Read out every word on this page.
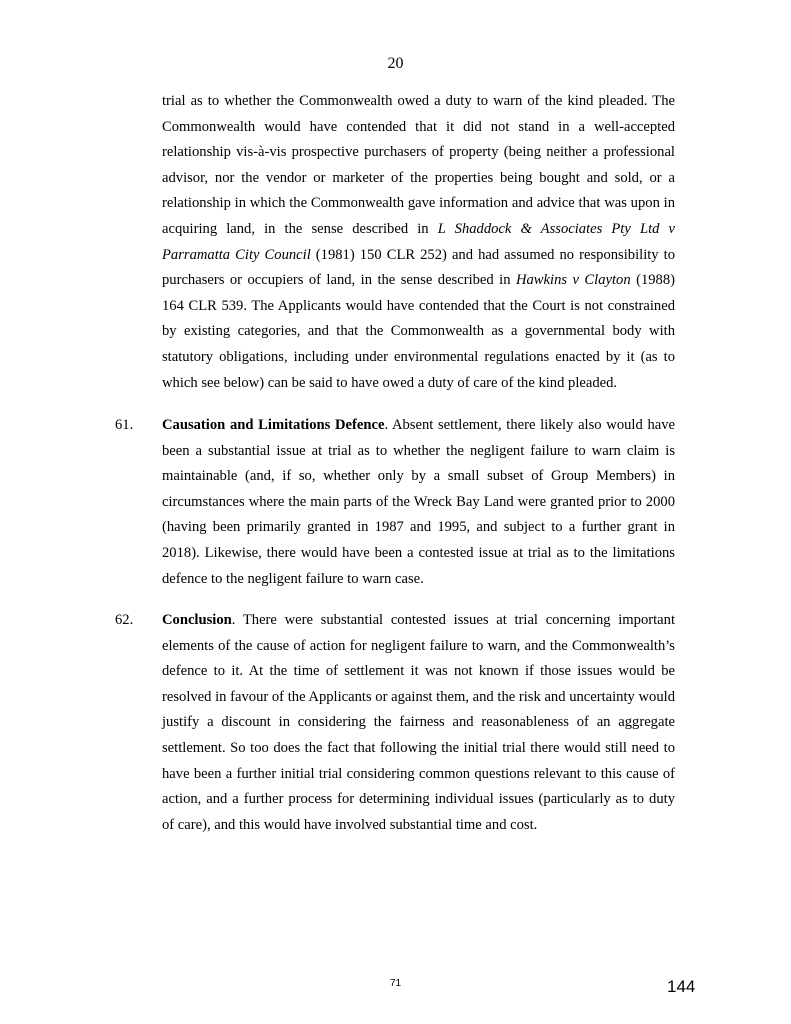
20
trial as to whether the Commonwealth owed a duty to warn of the kind pleaded. The Commonwealth would have contended that it did not stand in a well-accepted relationship vis-à-vis prospective purchasers of property (being neither a professional advisor, nor the vendor or marketer of the properties being bought and sold, or a relationship in which the Commonwealth gave information and advice that was upon in acquiring land, in the sense described in L Shaddock & Associates Pty Ltd v Parramatta City Council (1981) 150 CLR 252) and had assumed no responsibility to purchasers or occupiers of land, in the sense described in Hawkins v Clayton (1988) 164 CLR 539. The Applicants would have contended that the Court is not constrained by existing categories, and that the Commonwealth as a governmental body with statutory obligations, including under environmental regulations enacted by it (as to which see below) can be said to have owed a duty of care of the kind pleaded.
61. Causation and Limitations Defence. Absent settlement, there likely also would have been a substantial issue at trial as to whether the negligent failure to warn claim is maintainable (and, if so, whether only by a small subset of Group Members) in circumstances where the main parts of the Wreck Bay Land were granted prior to 2000 (having been primarily granted in 1987 and 1995, and subject to a further grant in 2018). Likewise, there would have been a contested issue at trial as to the limitations defence to the negligent failure to warn case.
62. Conclusion. There were substantial contested issues at trial concerning important elements of the cause of action for negligent failure to warn, and the Commonwealth’s defence to it. At the time of settlement it was not known if those issues would be resolved in favour of the Applicants or against them, and the risk and uncertainty would justify a discount in considering the fairness and reasonableness of an aggregate settlement. So too does the fact that following the initial trial there would still need to have been a further initial trial considering common questions relevant to this cause of action, and a further process for determining individual issues (particularly as to duty of care), and this would have involved substantial time and cost.
71	144
